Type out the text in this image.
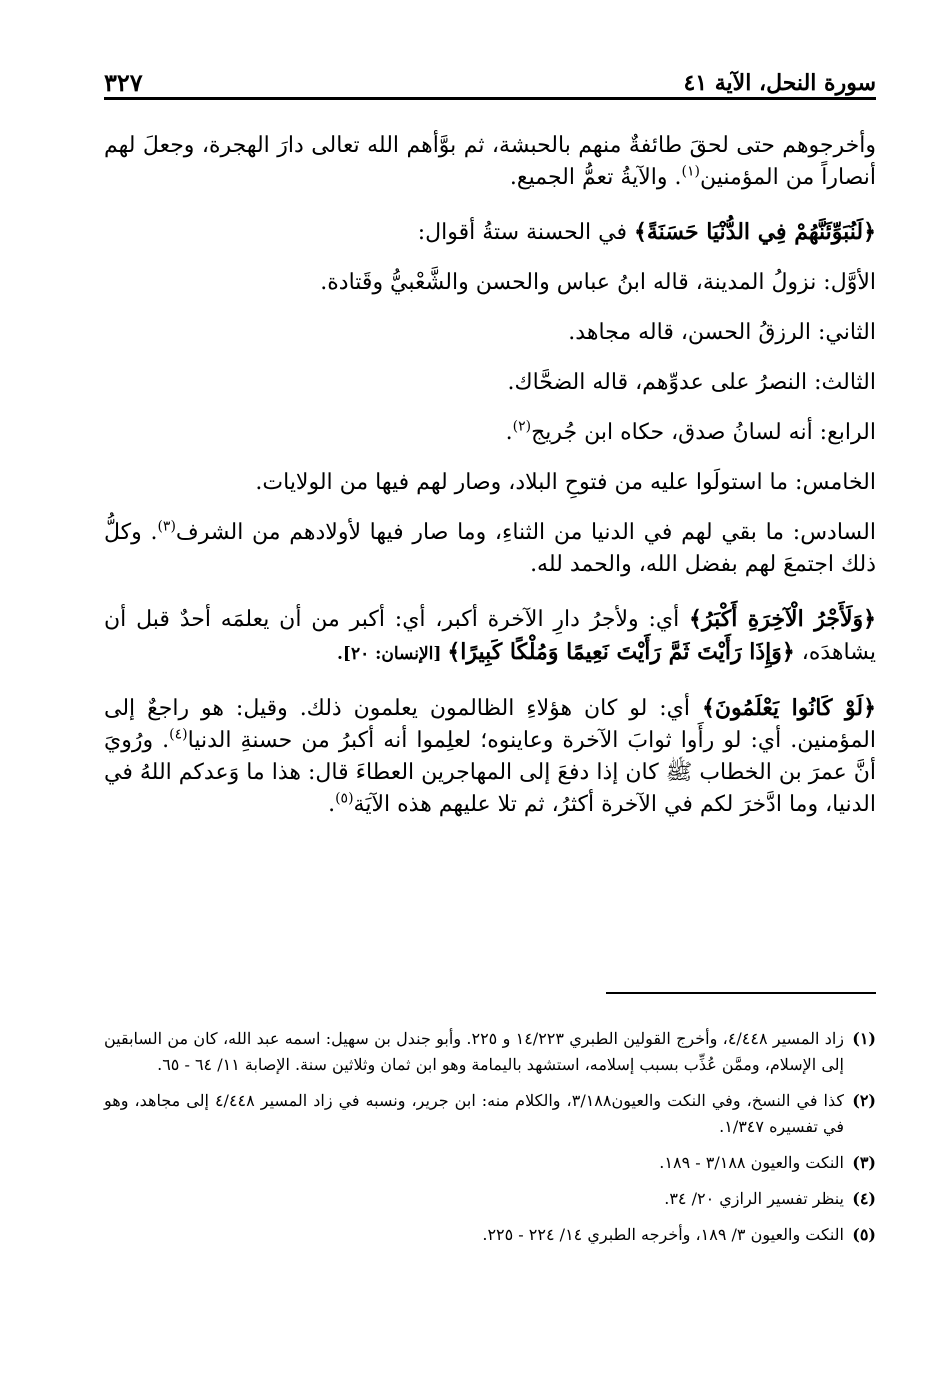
سورة النحل، الآية ٤١
٣٢٧

وأخرجوهم حتى لحقَ طائفةٌ منهم بالحبشة، ثم بوَّأهم الله تعالى دارَ الهجرة، وجعلَ لهم أنصاراً من المؤمنين$^{(١)}$. والآيةُ تعمُّ الجميع.

﴿لَنُبَوِّئَنَّهُمْ فِي الدُّنْيَا حَسَنَةً﴾ في الحسنة ستةُ أقوال:

الأوَّل: نزولُ المدينة، قاله ابنُ عباس والحسن والشَّعْبيُّ وقَتادة.

الثاني: الرزقُ الحسن، قاله مجاهد.

الثالث: النصرُ على عدوِّهم، قاله الضحَّاك.

الرابع: أنه لسانُ صدق، حكاه ابن جُريج$^{(٢)}$.

الخامس: ما استولَوا عليه من فتوحِ البلاد، وصار لهم فيها من الولايات.

السادس: ما بقي لهم في الدنيا من الثناءِ، وما صار فيها لأولادهم من الشرف$^{(٣)}$. وكلُّ ذلك اجتمعَ لهم بفضل الله، والحمد لله.

﴿وَلَأَجْرُ الْآخِرَةِ أَكْبَرُ﴾ أي: ولأجرُ دارِ الآخرة أكبر، أي: أكبر من أن يعلمَه أحدٌ قبل أن يشاهدَه، ﴿وَإِذَا رَأَيْتَ ثَمَّ رَأَيْتَ نَعِيمًا وَمُلْكًا كَبِيرًا﴾ [الإنسان: ٢٠].

﴿لَوْ كَانُوا يَعْلَمُونَ﴾ أي: لو كان هؤلاءِ الظالمون يعلمون ذلك. وقيل: هو راجعٌ إلى المؤمنين. أي: لو رأَوا ثوابَ الآخرة وعاينوه؛ لعلِموا أنه أكبرُ من حسنةِ الدنيا$^{(٤)}$. ورُويَ أنَّ عمرَ بن الخطاب ﷺ كان إذا دفعَ إلى المهاجرين العطاءَ قال: هذا ما وَعدكم اللهُ في الدنيا، وما ادَّخرَ لكم في الآخرة أكثرُ، ثم تلا عليهم هذه الآيَة$^{(٥)}$.

(١)
زاد المسير ٤/٤٤٨، وأخرج القولين الطبري ١٤/٢٢٣ و ٢٢٥. وأبو جندل بن سهيل: اسمه عبد الله، كان من السابقين إلى الإسلام، وممَّن عُذِّب بسبب إسلامه، استشهد باليمامة وهو ابن ثمان وثلاثين سنة. الإصابة ١١/ ٦٤ - ٦٥.
(٢)
كذا في النسخ، وفي النكت والعيون٣/١٨٨، والكلام منه: ابن جرير، ونسبه في زاد المسير ٤/٤٤٨ إلى مجاهد، وهو في تفسيره ١/٣٤٧.
(٣)
النكت والعيون ٣/١٨٨ - ١٨٩.
(٤)
ينظر تفسير الرازي ٢٠/ ٣٤.
(٥)
النكت والعيون ٣/ ١٨٩، وأخرجه الطبري ١٤/ ٢٢٤ - ٢٢٥.
